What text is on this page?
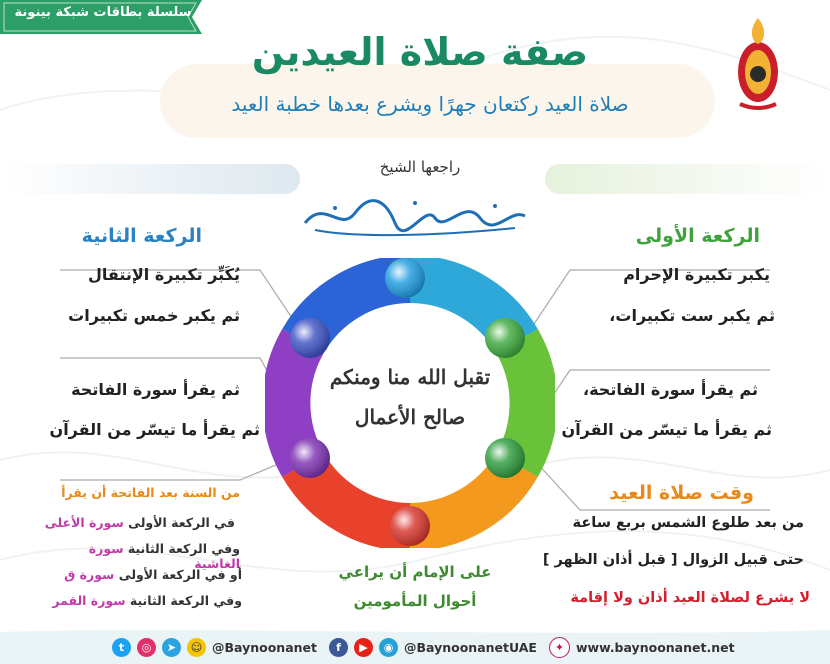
سلسلة بطاقات شبكة بينونة
صفة صلاة العيدين
صلاة العيد ركتعان جهرًا ويشرع بعدها خطبة العيد
راجعها الشيخ
تقبل الله منا ومنكم
صالح الأعمال
الركعة الأولى
يكبر تكبيرة الإحرام
ثم يكبر ست تكبيرات،
ثم يقرأ سورة الفاتحة،
ثم يقرأ ما تيسّر من القرآن
وقت صلاة العيد
من بعد طلوع الشمس بربع ساعة
حتى قبيل الزوال [ قبل أذان الظهر ]
لا يشرع لصلاة العيد أذان ولا إقامة
الركعة الثانية
يُكَبِّر تكبيرة الإنتقال
ثم يكبر خمس تكبيرات
ثم يقرأ سورة الفاتحة
ثم يقرأ ما تيسّر من القرآن
من السنة بعد الفاتحة أن يقرأ
في الركعة الأولى سورة الأعلى
وفي الركعة الثانية سورة الغاشية
أو في الركعة الأولى سورة ق
وفي الركعة الثانية سورة القمر
على الإمام أن يراعي
أحوال المأمومين
t	◎	➤	☺ @Baynoonanet	f	▶	◉ @BaynoonanetUAE	✦ www.baynoonanet.net
